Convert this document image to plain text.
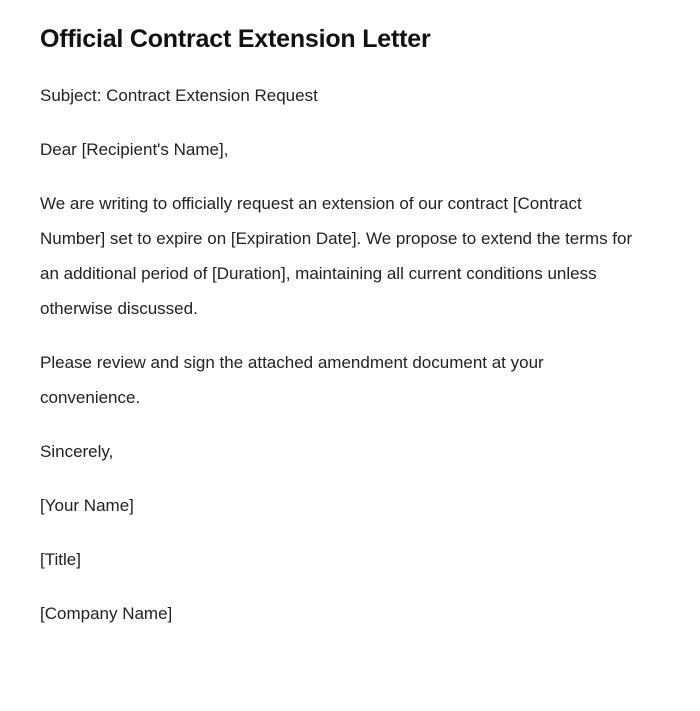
Official Contract Extension Letter

Subject: Contract Extension Request

Dear [Recipient's Name],

We are writing to officially request an extension of our contract [Contract Number] set to expire on [Expiration Date]. We propose to extend the terms for an additional period of [Duration], maintaining all current conditions unless otherwise discussed.

Please review and sign the attached amendment document at your convenience.

Sincerely,

[Your Name]

[Title]

[Company Name]
